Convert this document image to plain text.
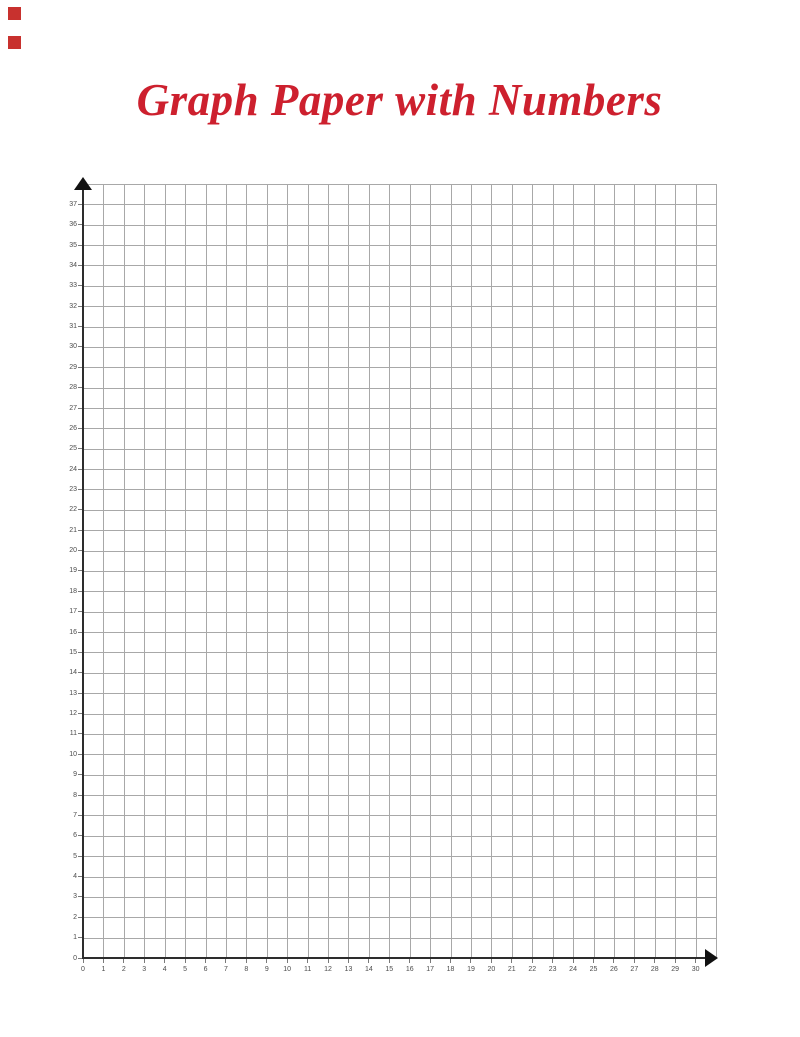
Graph Paper with Numbers
0	1	2	3	4	5	6	7	8	9	10	11	12	13	14	15	16	17	18	19	20	21	22	23	24	25	26	27	28	29	30
0
1
2
3
4
5
6
7
8
9
10
11
12
13
14
15
16
17
18
19
20
21
22
23
24
25
26
27
28
29
30
31
32
33
34
35
36
37
